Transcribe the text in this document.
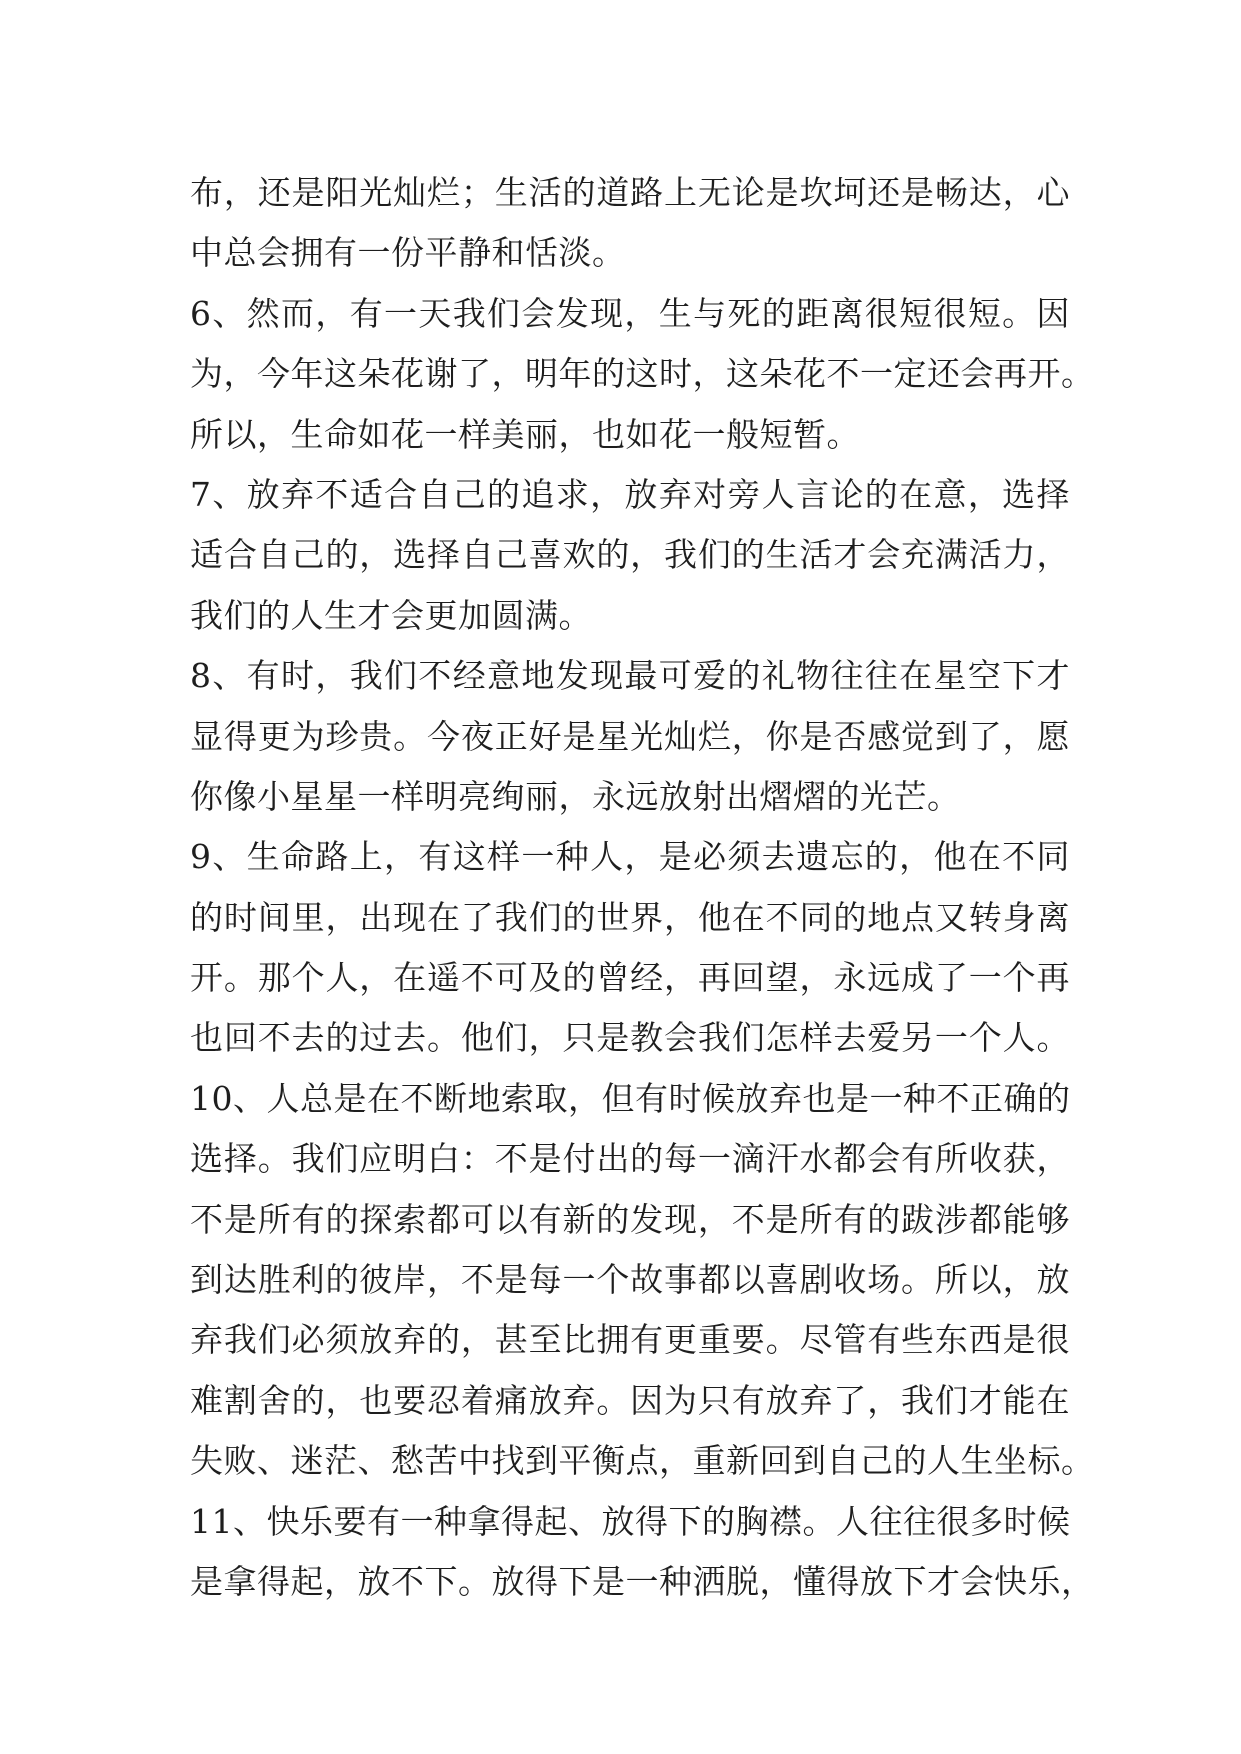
布，还是阳光灿烂；生活的道路上无论是坎坷还是畅达，心
中总会拥有一份平静和恬淡。
6、然而，有一天我们会发现，生与死的距离很短很短。因
为，今年这朵花谢了，明年的这时，这朵花不一定还会再开。
所以，生命如花一样美丽，也如花一般短暂。
7、放弃不适合自己的追求，放弃对旁人言论的在意，选择
适合自己的，选择自己喜欢的，我们的生活才会充满活力，
我们的人生才会更加圆满。
8、有时，我们不经意地发现最可爱的礼物往往在星空下才
显得更为珍贵。今夜正好是星光灿烂，你是否感觉到了，愿
你像小星星一样明亮绚丽，永远放射出熠熠的光芒。
9、生命路上，有这样一种人，是必须去遗忘的，他在不同
的时间里，出现在了我们的世界，他在不同的地点又转身离
开。那个人，在遥不可及的曾经，再回望，永远成了一个再
也回不去的过去。他们，只是教会我们怎样去爱另一个人。
10、人总是在不断地索取，但有时候放弃也是一种不正确的
选择。我们应明白：不是付出的每一滴汗水都会有所收获，
不是所有的探索都可以有新的发现，不是所有的跋涉都能够
到达胜利的彼岸，不是每一个故事都以喜剧收场。所以，放
弃我们必须放弃的，甚至比拥有更重要。尽管有些东西是很
难割舍的，也要忍着痛放弃。因为只有放弃了，我们才能在
失败、迷茫、愁苦中找到平衡点，重新回到自己的人生坐标。
11、快乐要有一种拿得起、放得下的胸襟。人往往很多时候
是拿得起，放不下。放得下是一种洒脱，懂得放下才会快乐，
